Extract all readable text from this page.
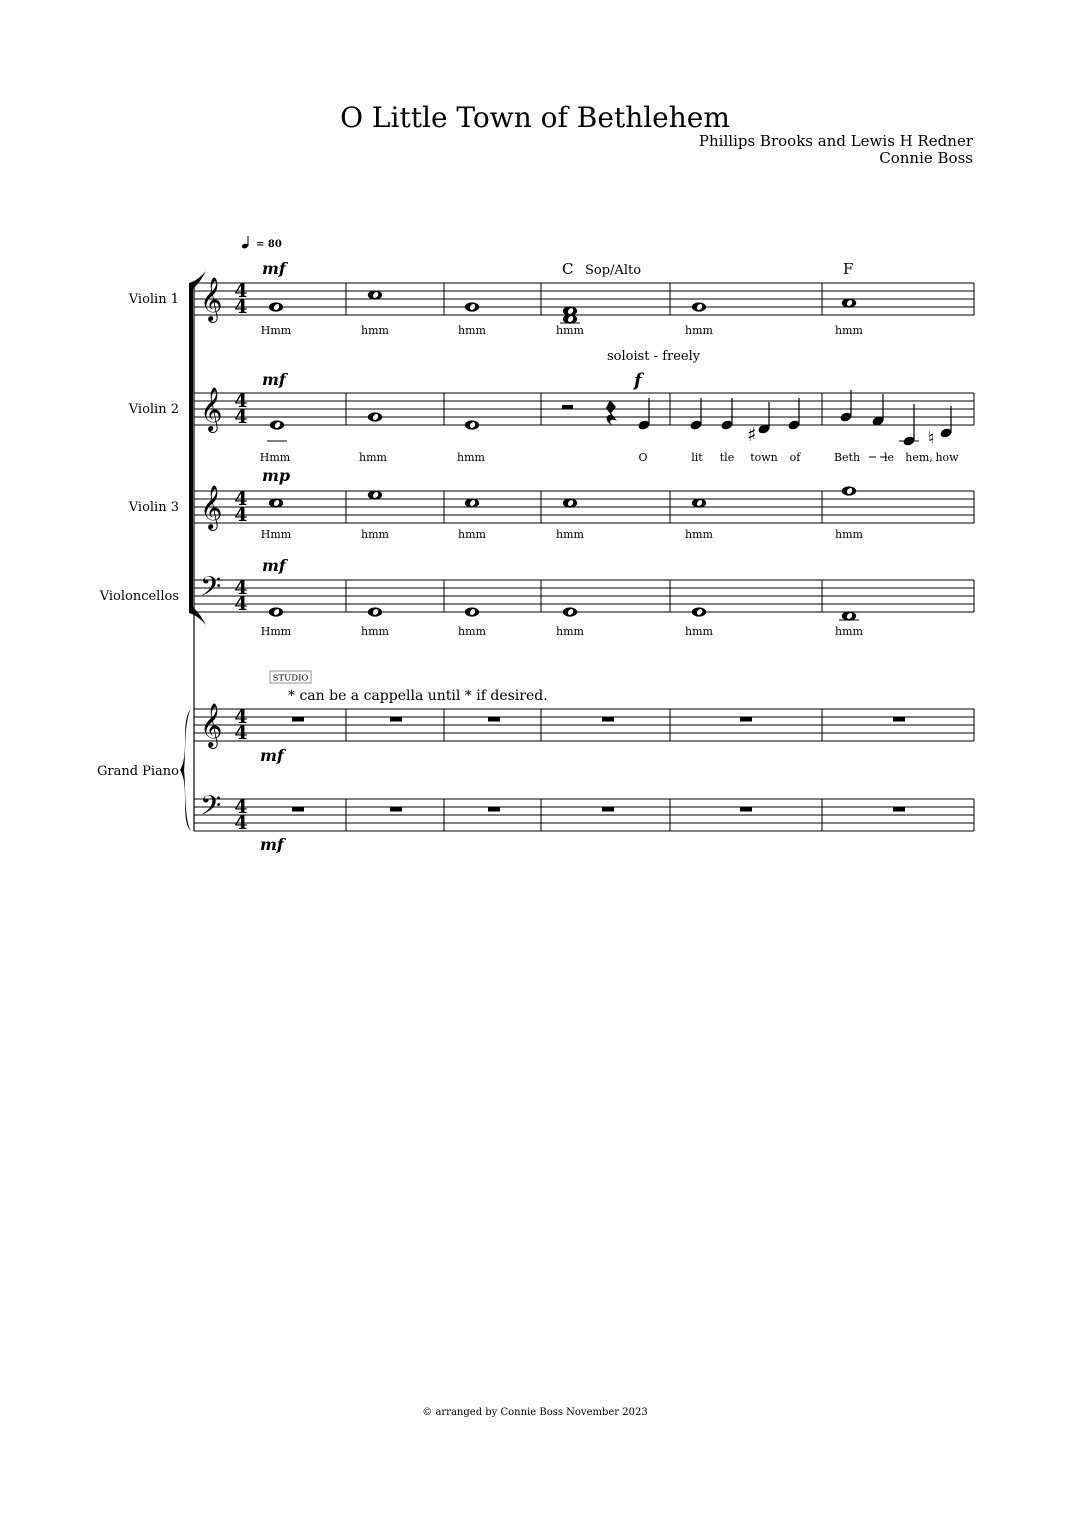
O Little Town of Bethlehem
Phillips Brooks and Lewis H Redner
Connie Boss
= 80
Violin 1 𝄞 4
4
mf
Hmm	hmm	hmm	hmm	hmm	hmm
C Sop/Alto	F
soloist - freely
Violin 2 𝄞 4
4
mf	f
♯	♮
Hmm	hmm	hmm	O	lit tle town of	Beth le hem, how
Violin 3 𝄞 4
4
mp
Hmm	hmm	hmm	hmm	hmm	hmm
Violoncellos 𝄢 4
4
mf
Hmm	hmm	hmm	hmm	hmm	hmm
STUDIO
* can be a cappella until * if desired.
Grand Piano
𝄞 4
4
𝄢 4
4
mf
mf
© arranged by Connie Boss November 2023
